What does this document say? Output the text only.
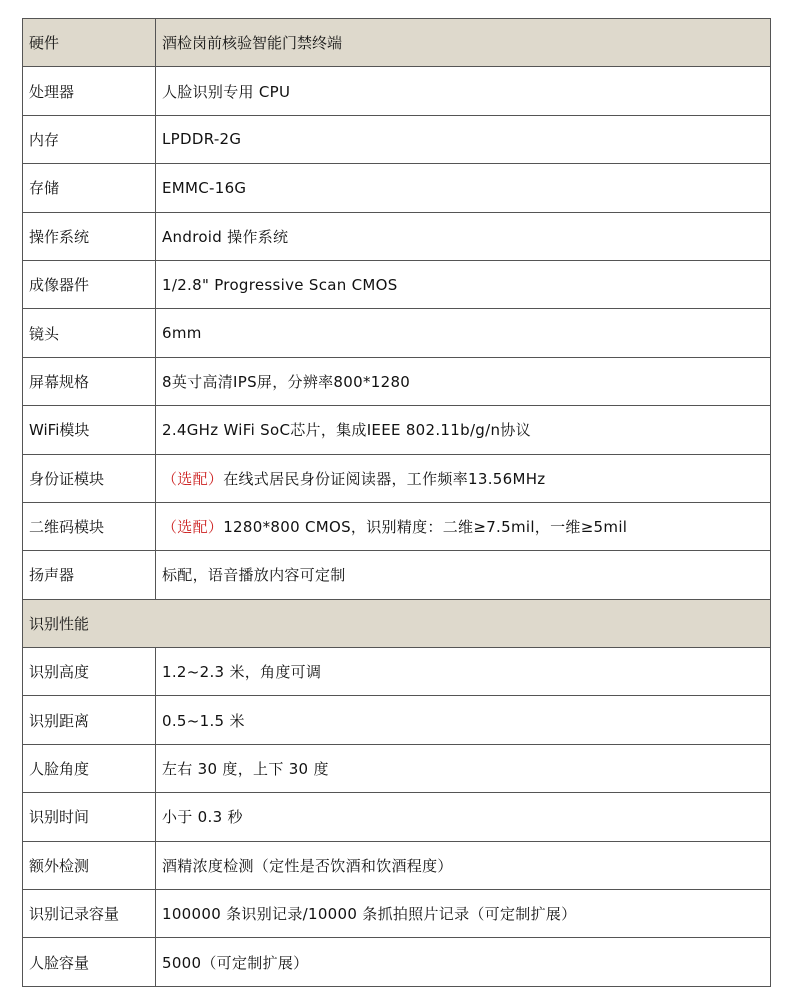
硬件	酒检岗前核验智能门禁终端
处理器	人脸识别专用 CPU
内存	LPDDR-2G
存储	EMMC-16G
操作系统	Android 操作系统
成像器件	1/2.8" Progressive Scan CMOS
镜头	6mm
屏幕规格	8英寸高清IPS屏，分辨率800*1280
WiFi模块	2.4GHz WiFi SoC芯片，集成IEEE 802.11b/g/n协议
身份证模块	（选配）在线式居民身份证阅读器，工作频率13.56MHz
二维码模块	（选配）1280*800 CMOS，识别精度：二维≥7.5mil，一维≥5mil
扬声器	标配，语音播放内容可定制
识别性能	
识别高度	1.2~2.3 米，角度可调
识别距离	0.5~1.5 米
人脸角度	左右 30 度，上下 30 度
识别时间	小于 0.3 秒
额外检测	酒精浓度检测（定性是否饮酒和饮酒程度）
识别记录容量	100000 条识别记录/10000 条抓拍照片记录（可定制扩展）
人脸容量	5000（可定制扩展）
